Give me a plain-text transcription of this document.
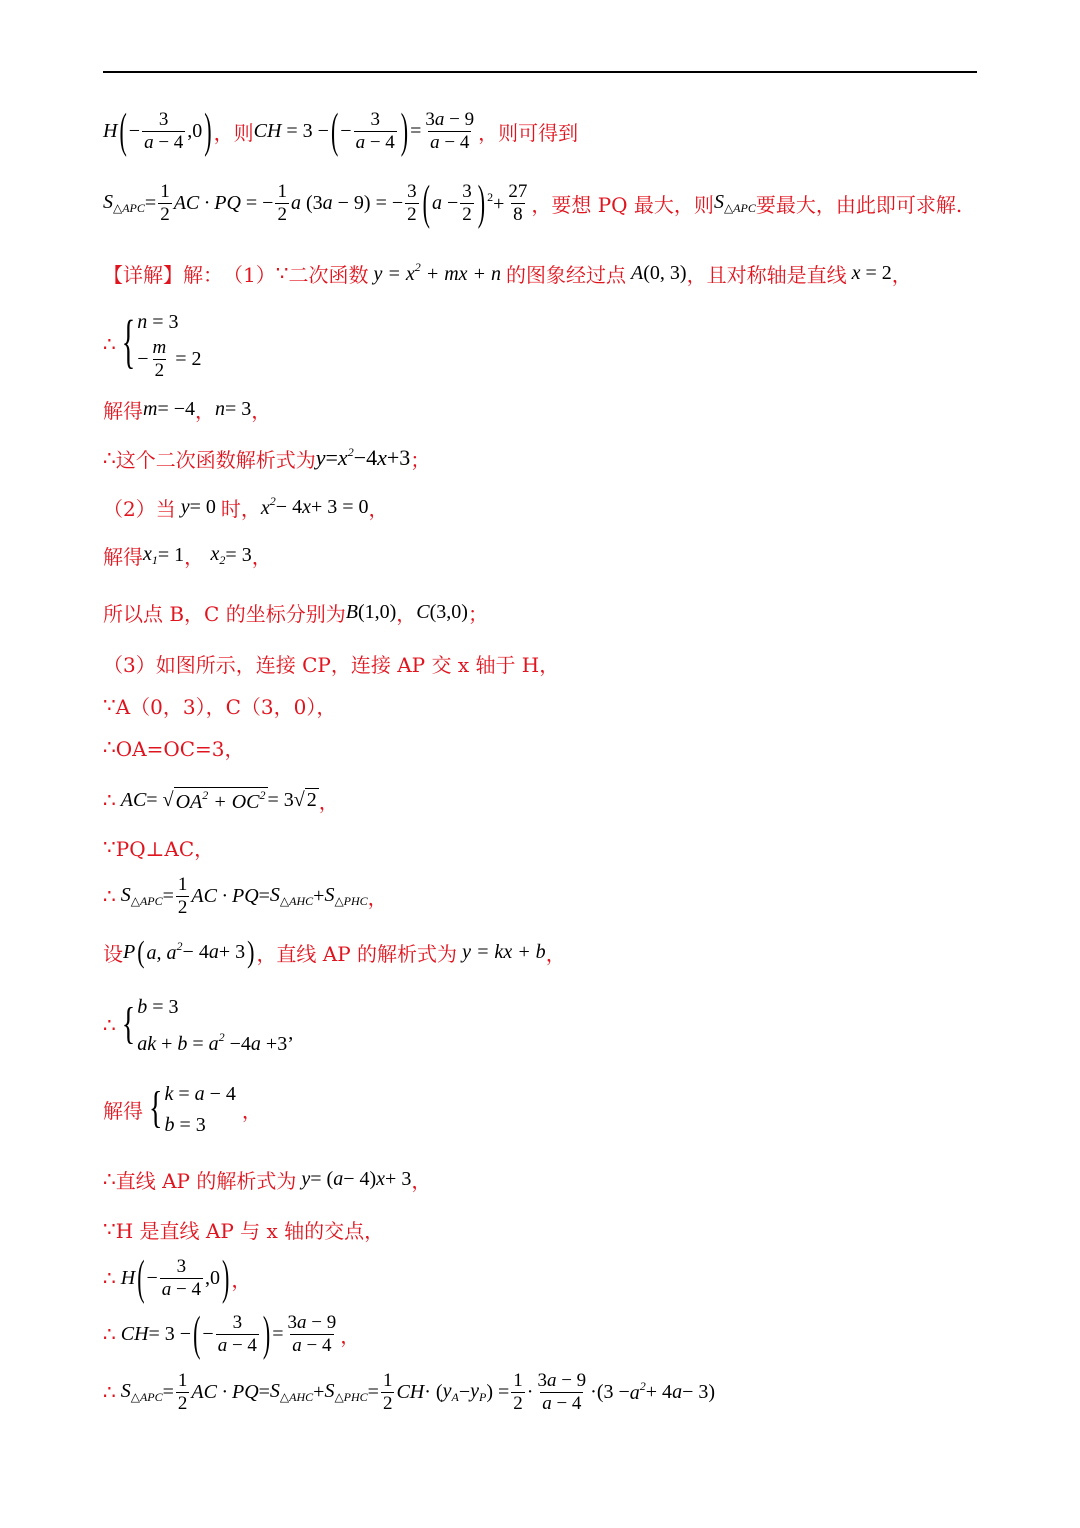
H ( − $\frac{3}{a - 4} ,0$ ) ，则 CH = 3 − ( − $\frac{3}{a - 4}$ ) = $\frac{3a - 9}{a - 4}$ ，则可得到
$S_{\triangle APC} = \frac{1}{2}$ AC · PQ = − $\frac{1}{2}$ a (3a − 9) = − $\frac{3}{2}$ ( $a - \frac{3}{2}$ ) $^2+ \frac{27}{8}$ ，要想 PQ 最大，则 $S_{\triangle APC}$ 要最大，由此即可求解.
【详解】 解： （1） ∵ 二次函数 $y = x^2$ + mx + n 的图象经过点 A (0, 3) ，且对称轴是直线 x = 2 ，
∴ { n = 3
− $\frac{m}{2} = 2$
解得 m = −4 ， n = 3 ，
∴ 这个二次函数解析式为 $y = x^2 -4$ x +3 ；
（2）当 y = 0 时， $x^2 - 4$ x + 3 = 0 ，
解得 $x_1 = 1$ ， $x_2 = 3$ ，
所以点 B，C 的坐标分别为 B (1,0) ， C (3,0) ；
（3）如图所示，连接 CP，连接 AP 交 x 轴于 H，
∵ A（0，3），C（3，0），
∴ OA=OC=3，
∴ AC = √ $OA^2 + OC^2 = 3√$ 2 ，
∵ PQ⊥AC，
∴ $S_{\triangle APC} = \frac{1}{2}$ AC · PQ = $S_{\triangle AHC} + S_{\triangle PHC}$ ，
设 P ( a, $a^2 - 4$ a + 3 ) ，直线 AP 的解析式为 y = kx + b ，
∴ { b = 3
ak + $b = a^2 -4a +3$’
解得 { k = a − 4
b = 3
，
∴ 直线 AP 的解析式为 y = ( a − 4) x + 3 ，
∵ H 是直线 AP 与 x 轴的交点，
∴ H ( − $\frac{3}{a - 4} ,0$ ) ，
∴ CH = 3 − ( − $\frac{3}{a - 4}$ ) = $\frac{3a - 9}{a - 4}$ ，
∴ $S_{\triangle APC} = \frac{1}{2}$ AC · PQ = $S_{\triangle AHC} + S_{\triangle PHC} = \frac{1}{2}$ CH · ( $y_A - y_P$ ) = $\frac{1}{2} \cdot \frac{3a - 9}{a - 4} \cdot(3 - a^2 + 4$ a − 3)
